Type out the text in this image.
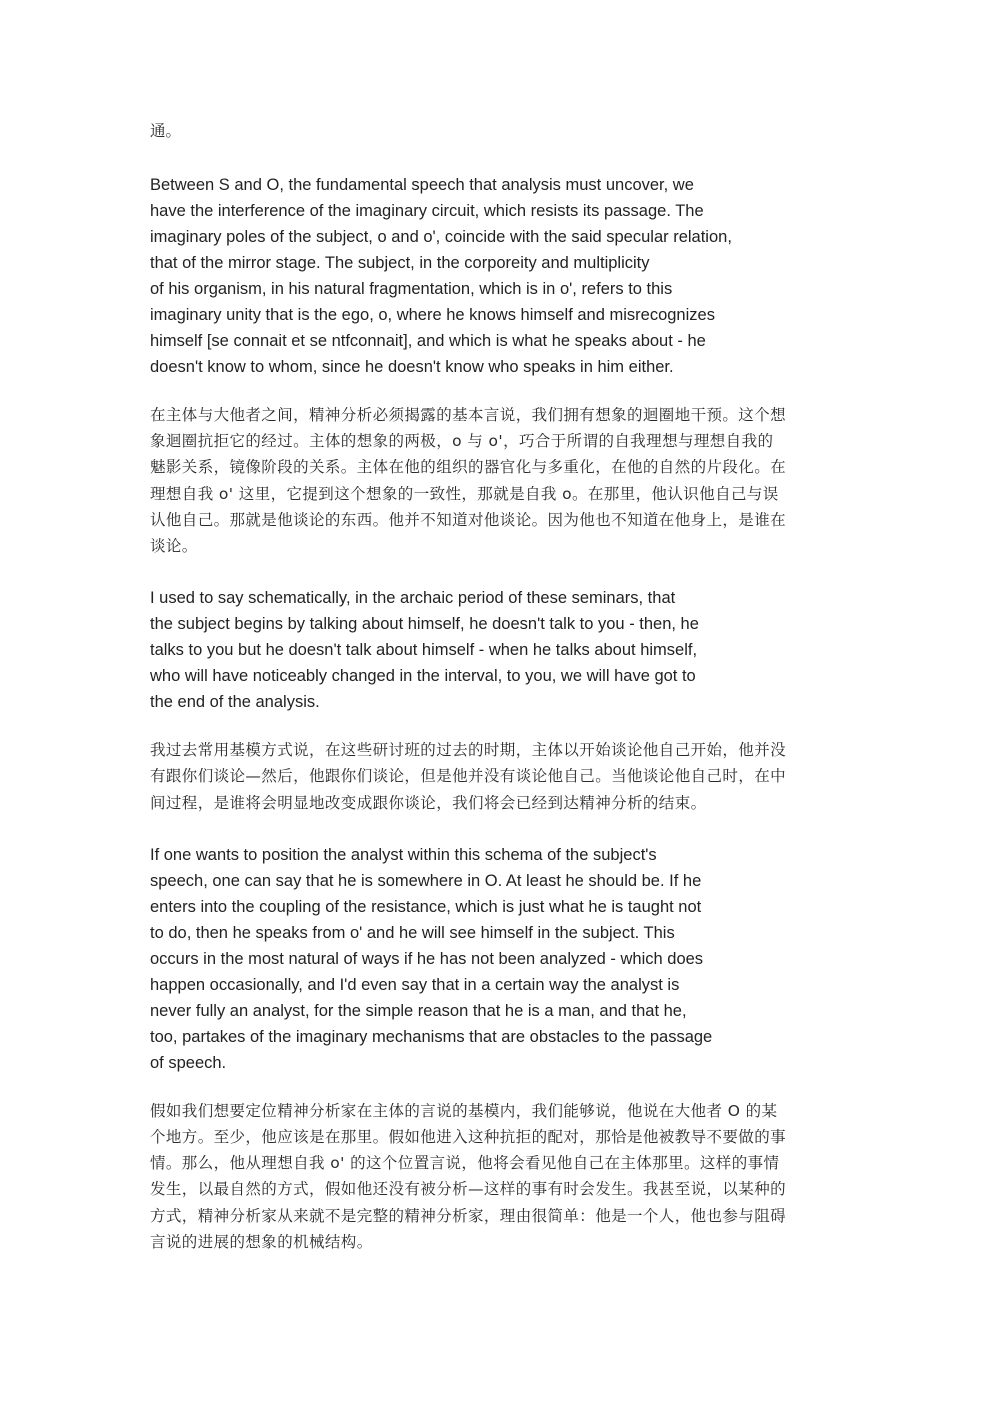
通。

Between S and O, the fundamental speech that analysis must uncover, we

have the interference of the imaginary circuit, which resists its passage. The

imaginary poles of the subject, o and o', coincide with the said specular relation,

that of the mirror stage. The subject, in the corporeity and multiplicity

of his organism, in his natural fragmentation, which is in o', refers to this

imaginary unity that is the ego, o, where he knows himself and misrecognizes

himself [se connait et se ntfconnait], and which is what he speaks about - he

doesn't know to whom, since he doesn't know who speaks in him either.

在主体与大他者之间，精神分析必须揭露的基本言说，我们拥有想象的迴圈地干预。这个想

象迴圈抗拒它的经过。主体的想象的两极，o 与 o'，巧合于所谓的自我理想与理想自我的

魅影关系，镜像阶段的关系。主体在他的组织的器官化与多重化，在他的自然的片段化。在

理想自我 o' 这里，它提到这个想象的一致性，那就是自我 o。在那里，他认识他自己与误

认他自己。那就是他谈论的东西。他并不知道对他谈论。因为他也不知道在他身上，是谁在

谈论。

I used to say schematically, in the archaic period of these seminars, that

the subject begins by talking about himself, he doesn't talk to you - then, he

talks to you but he doesn't talk about himself - when he talks about himself,

who will have noticeably changed in the interval, to you, we will have got to

the end of the analysis.

我过去常用基模方式说，在这些研讨班的过去的时期，主体以开始谈论他自己开始，他并没

有跟你们谈论—然后，他跟你们谈论，但是他并没有谈论他自己。当他谈论他自己时，在中

间过程，是谁将会明显地改变成跟你谈论，我们将会已经到达精神分析的结束。

If one wants to position the analyst within this schema of the subject's

speech, one can say that he is somewhere in O. At least he should be. If he

enters into the coupling of the resistance, which is just what he is taught not

to do, then he speaks from o' and he will see himself in the subject. This

occurs in the most natural of ways if he has not been analyzed - which does

happen occasionally, and I'd even say that in a certain way the analyst is

never fully an analyst, for the simple reason that he is a man, and that he,

too, partakes of the imaginary mechanisms that are obstacles to the passage

of speech.

假如我们想要定位精神分析家在主体的言说的基模内，我们能够说，他说在大他者 O 的某

个地方。至少，他应该是在那里。假如他进入这种抗拒的配对，那恰是他被教导不要做的事

情。那么，他从理想自我 o' 的这个位置言说，他将会看见他自己在主体那里。这样的事情

发生，以最自然的方式，假如他还没有被分析—这样的事有时会发生。我甚至说，以某种的

方式，精神分析家从来就不是完整的精神分析家，理由很简单：他是一个人，他也参与阻碍

言说的进展的想象的机械结构。
